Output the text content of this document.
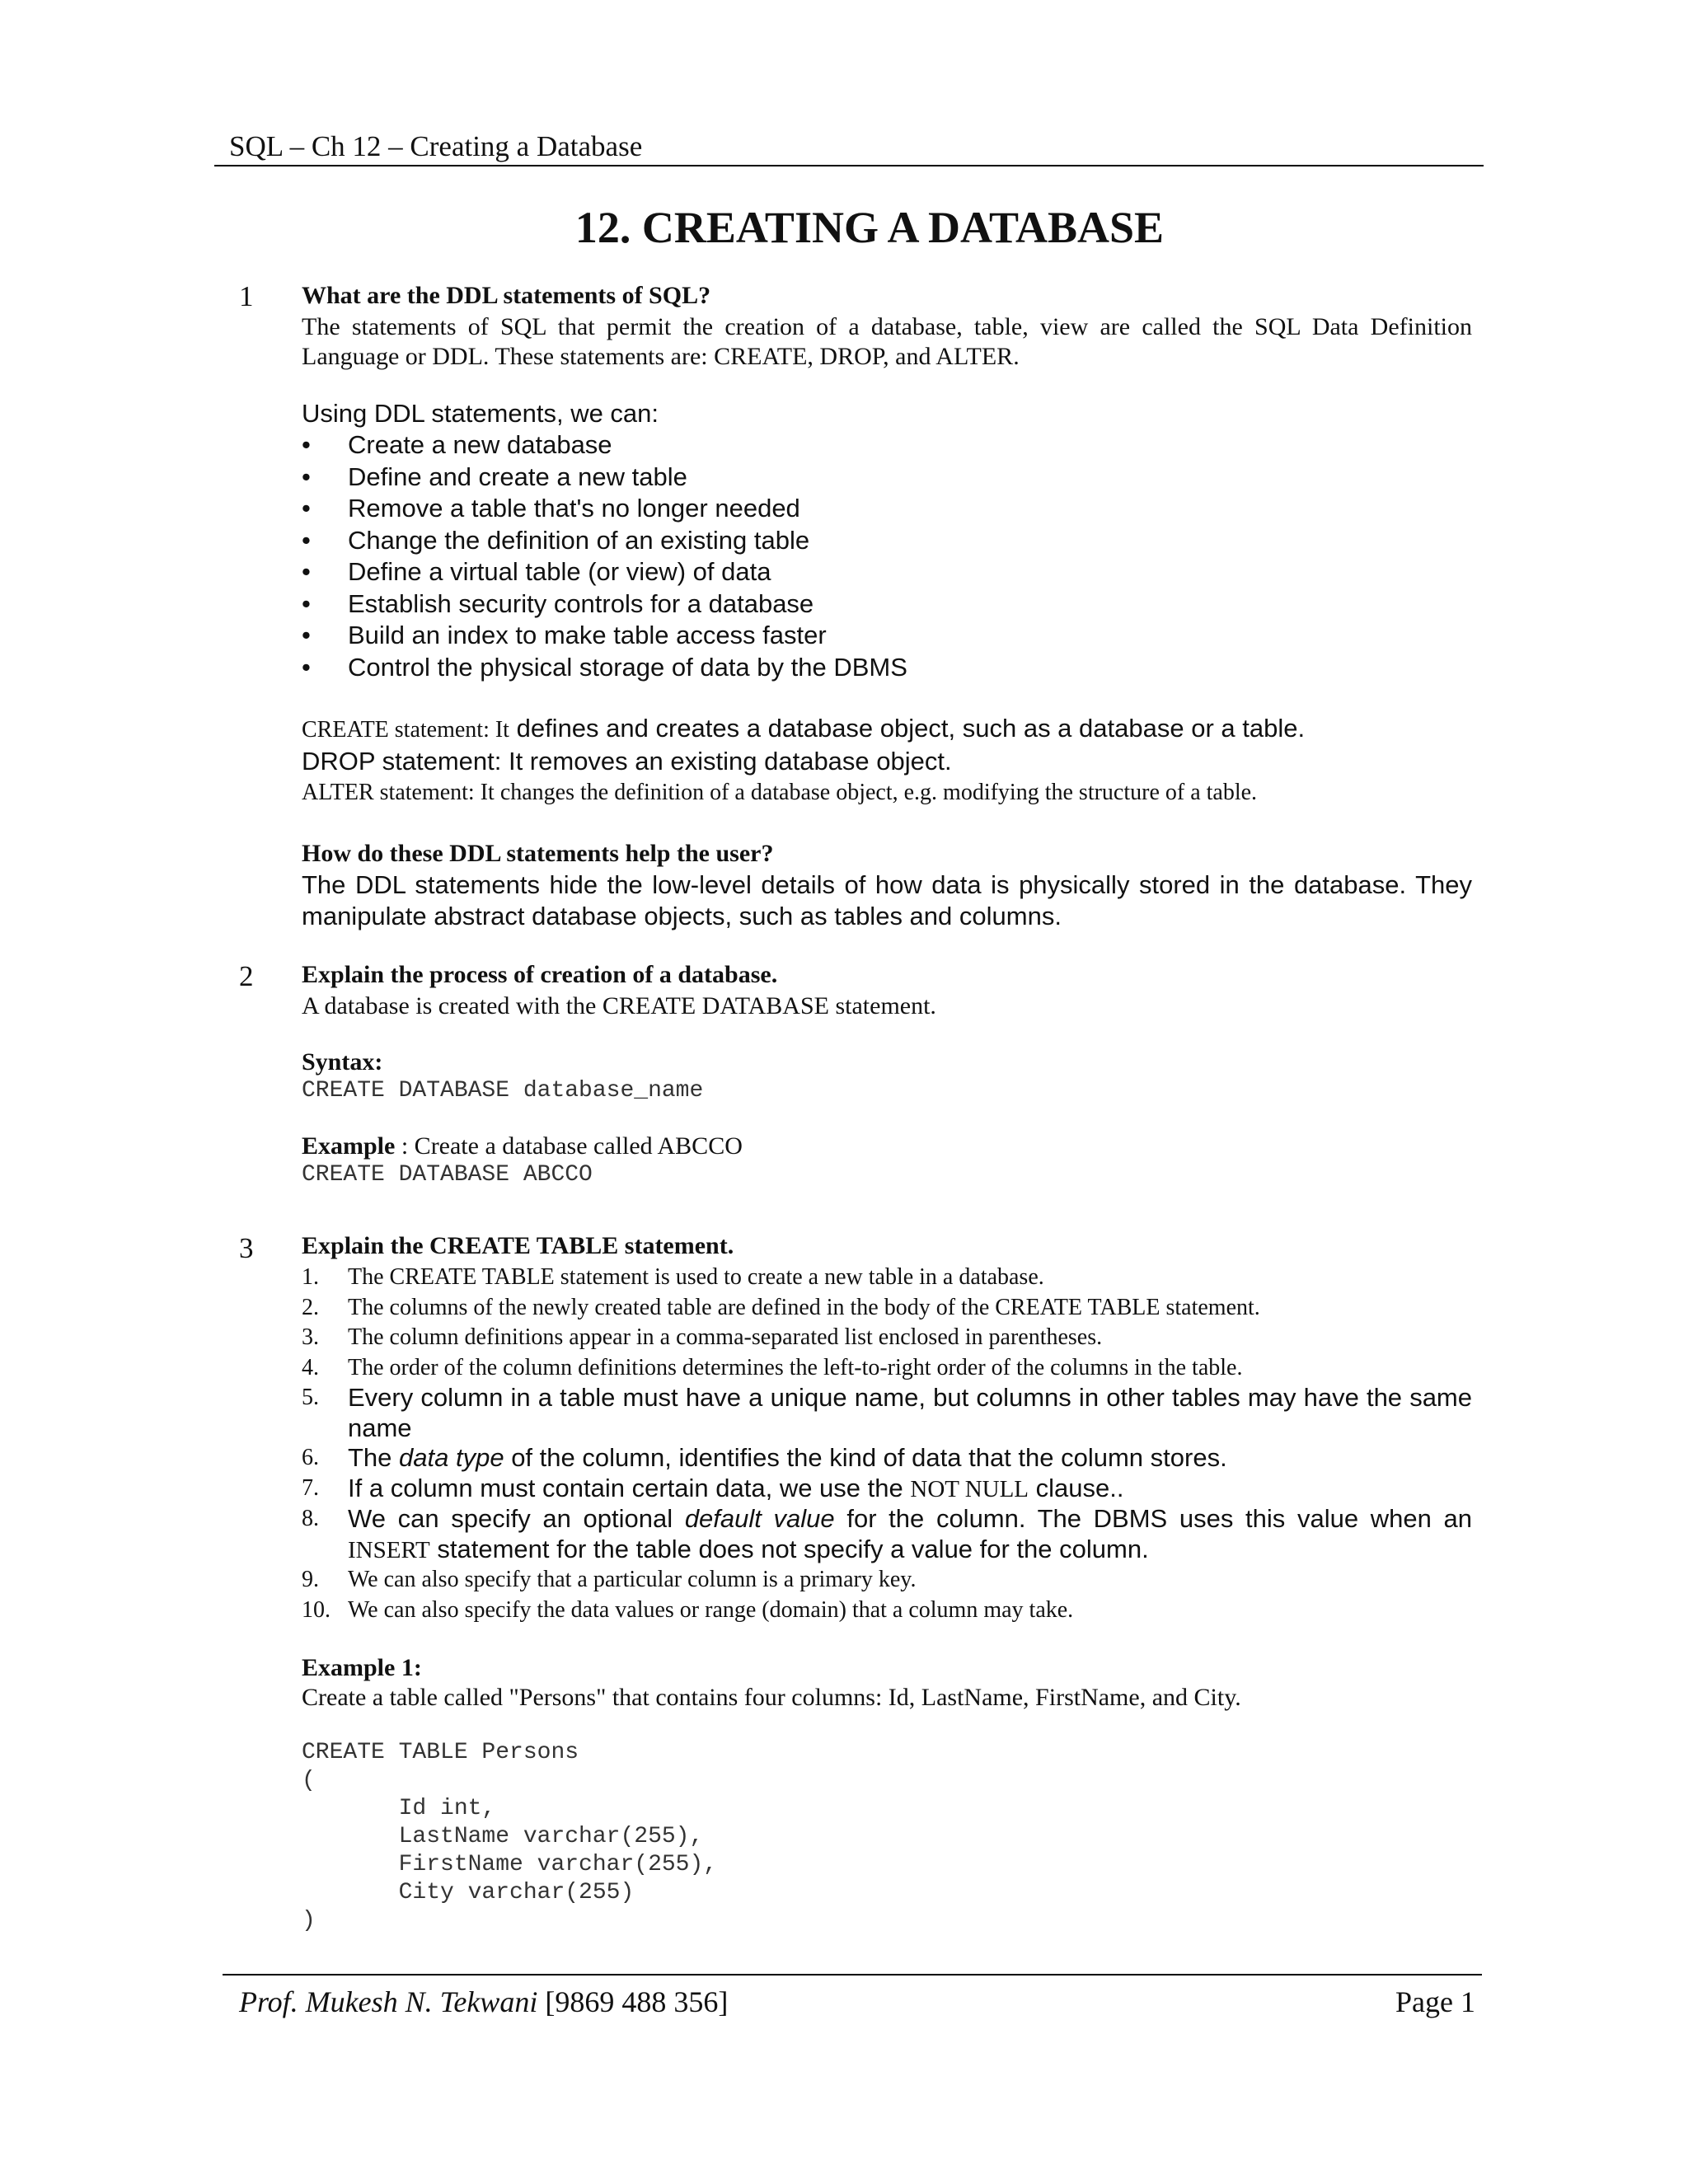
SQL – Ch 12 – Creating a Database
12. CREATING A DATABASE
1 What are the DDL statements of SQL?
The statements of SQL that permit the creation of a database, table, view are called the SQL Data Definition Language or DDL. These statements are: CREATE, DROP, and ALTER.
Using DDL statements, we can:
• Create a new database
• Define and create a new table
• Remove a table that's no longer needed
• Change the definition of an existing table
• Define a virtual table (or view) of data
• Establish security controls for a database
• Build an index to make table access faster
• Control the physical storage of data by the DBMS
CREATE statement: It defines and creates a database object, such as a database or a table.
DROP statement: It removes an existing database object.
ALTER statement: It changes the definition of a database object, e.g. modifying the structure of a table.
How do these DDL statements help the user?
The DDL statements hide the low-level details of how data is physically stored in the database. They manipulate abstract database objects, such as tables and columns.
2 Explain the process of creation of a database.
A database is created with the CREATE DATABASE statement.
Syntax:
CREATE DATABASE database_name
Example : Create a database called ABCCO
CREATE DATABASE ABCCO
3 Explain the CREATE TABLE statement.
1. The CREATE TABLE statement is used to create a new table in a database.
2. The columns of the newly created table are defined in the body of the CREATE TABLE statement.
3. The column definitions appear in a comma-separated list enclosed in parentheses.
4. The order of the column definitions determines the left-to-right order of the columns in the table.
5. Every column in a table must have a unique name, but columns in other tables may have the same name
6. The data type of the column, identifies the kind of data that the column stores.
7. If a column must contain certain data, we use the NOT NULL clause..
8. We can specify an optional default value for the column. The DBMS uses this value when an INSERT statement for the table does not specify a value for the column.
9. We can also specify that a particular column is a primary key.
10. We can also specify the data values or range (domain) that a column may take.
Example 1:
Create a table called "Persons" that contains four columns: Id, LastName, FirstName, and City.
CREATE TABLE Persons
(
Id int,
LastName varchar(255),
FirstName varchar(255),
City varchar(255)
)
Prof. Mukesh N. Tekwani [9869 488 356]	Page 1
